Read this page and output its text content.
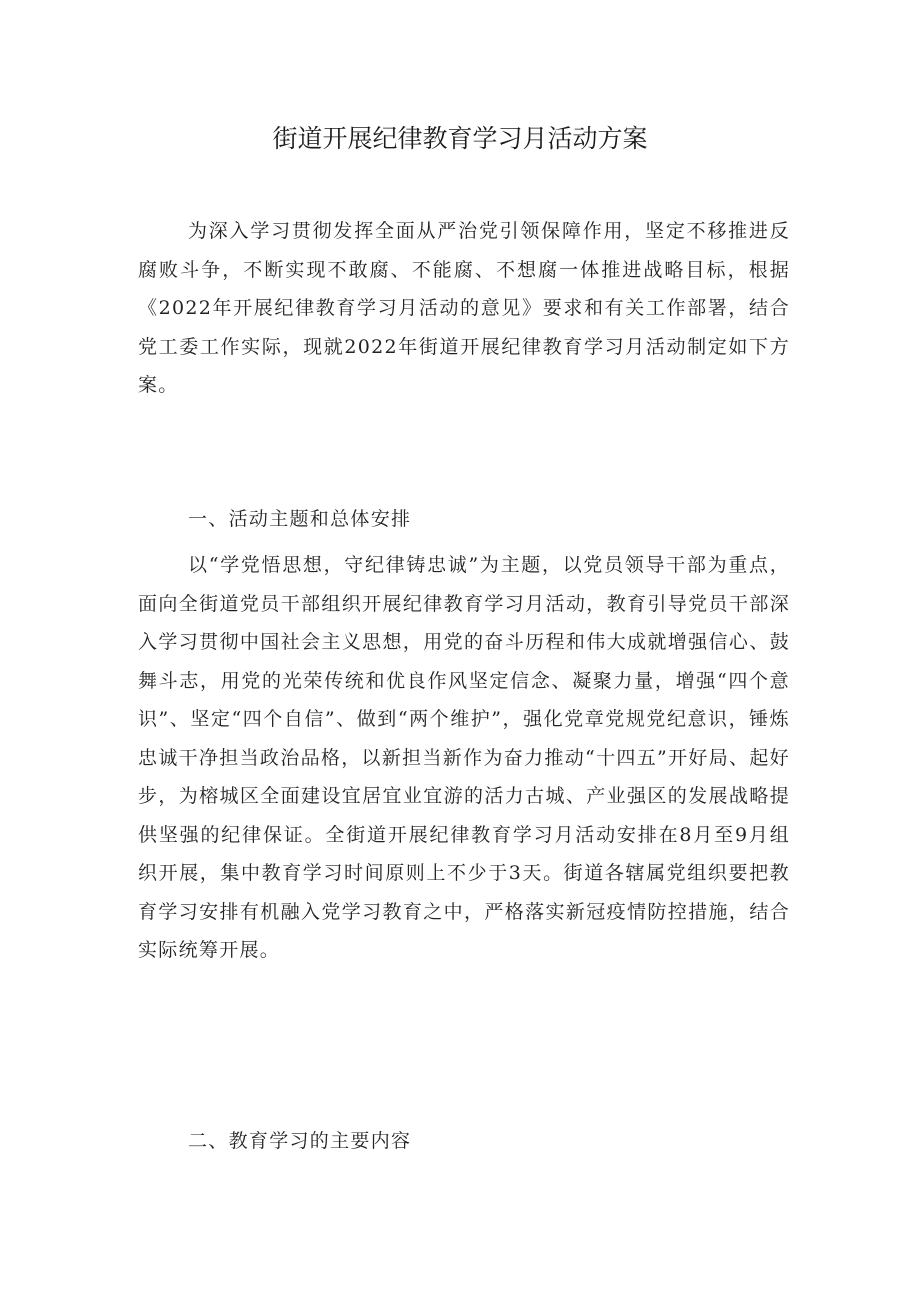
街道开展纪律教育学习月活动方案

为深入学习贯彻发挥全面从严治党引领保障作用，坚定不移推进反腐败斗争，不断实现不敢腐、不能腐、不想腐一体推进战略目标，根据《2022年开展纪律教育学习月活动的意见》要求和有关工作部署，结合党工委工作实际，现就2022年街道开展纪律教育学习月活动制定如下方案。

一、活动主题和总体安排

以“学党悟思想，守纪律铸忠诚”为主题，以党员领导干部为重点，面向全街道党员干部组织开展纪律教育学习月活动，教育引导党员干部深入学习贯彻中国社会主义思想，用党的奋斗历程和伟大成就增强信心、鼓舞斗志，用党的光荣传统和优良作风坚定信念、凝聚力量，增强“四个意识”、坚定“四个自信”、做到“两个维护”，强化党章党规党纪意识，锤炼忠诚干净担当政治品格，以新担当新作为奋力推动“十四五”开好局、起好步，为榕城区全面建设宜居宜业宜游的活力古城、产业强区的发展战略提供坚强的纪律保证。全街道开展纪律教育学习月活动安排在8月至9月组织开展，集中教育学习时间原则上不少于3天。街道各辖属党组织要把教育学习安排有机融入党学习教育之中，严格落实新冠疫情防控措施，结合实际统筹开展。

二、教育学习的主要内容
